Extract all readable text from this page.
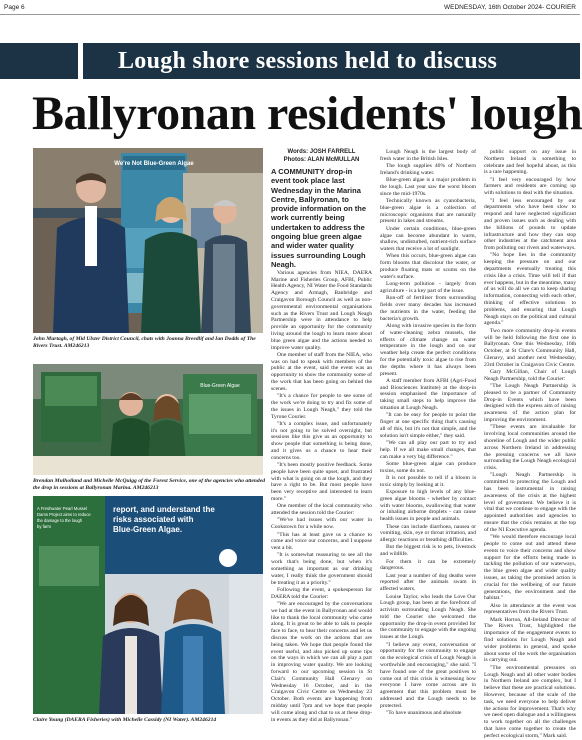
Page 6	WEDNESDAY, 16th October 2024- COURIER
Lough shore sessions held to discuss
Ballyronan residents' lough
We're Not Blue-Green Algae
John Murtagh, of Mid Ulster District Council, chats with Joanna Breedlif and Ian Dodds of The Rivers Trust. AM246213
Blue-Green Algae
Brendan Mulholland and Michelle McQuigg of the Forest Service, one of the agencies who attended the drop in sessions at Ballyronan Marina. AM246213
A Freshwater Pearl Mussel Dams Project aims to reduce the damage to the lough by farm
report, and understand the risks associated with Blue-Green Algae.
Claire Young (DAERA Fisheries) with Michelle Cassidy (NI Water). AM246214
Words: JOSH FARRELL
Photos: ALAN McMULLAN

A COMMUNITY drop-in event took place last Wednesday in the Marina Centre, Ballyronan, to provide information on the work currently being undertaken to address the ongoing blue green algae and wider water quality issues surrounding Lough Neagh.

Various agencies from NIEA, DAERA Marine and Fisheries Group, AFBI, Public Health Agency, NI Water the Food Standards Agency and Armagh, Banbridge and Craigavon Borough Council as well as non-governmental environmental organisations such as the Rivers Trust and Lough Neagh Partnership were in attendance to help provide an opportunity for the community living around the lough to learn more about blue green algae and the actions needed to improve water quality.

One member of staff from the NIEA, who was on had to speak with members of the public at the event, said the event was an opportunity to show the community some of the work that has been going on behind the scenes.

"It's a chance for people to see some of the work we're doing to try and fix some of the issues in Lough Neagh," they told the Tyrone Courier.

"It's a complex issue, and unfortunately it's not going to be solved overnight, but sessions like this give us an opportunity to show people that something is being done, and it gives us a chance to hear their concerns too.

"It's been mostly positive feedback. Some people have been quite upset, and frustrated with what is going on at the lough, and they have a right to be. But most people have been very receptive and interested to learn more."

One member of the local community who attended the session told the Courier:

"We've had issues with our water in Cookstown for a while now.

"This has at least gave us a chance to come and voice our concerns, and I suppose vent a bit.

"It is somewhat reassuring to see all the work that's being done, but when it's something as important as our drinking water, I really think the government should be treating it as a priority."

Following the event, a spokesperson for DAERA told the Courier:

"We are encouraged by the conversations we had at the event in Ballyronan and would like to thank the local community who came along. It is great to be able to talk to people face to face, to hear their concerns and let us discuss the work on the actions that are being taken. We hope that people found the event useful, and also picked up some tips on the ways in which we can all play a part in improving water quality. We are looking forward to our upcoming session in St Clair's Community Hall Glenavy on Wednesday 16 October, and in the Craigavon Civic Centre on Wednesday 23 October. Both events are happening from midday until 7pm and we hope that people will come along and chat to us at these drop-in events as they did at Ballyronan."

Lough Neagh is the largest body of fresh water in the British Isles.

The lough supplies 40% of Northern Ireland's drinking water.

Blue-green algae is a major problem in the lough. Last year saw the worst bloom since the mid-1970s.

Technically known as cyanobacteria, blue-green algae is a collection of microscopic organisms that are naturally present in lakes and streams.

Under certain conditions, blue-green algae can become abundant in warm, shallow, undisturbed, nutrient-rich surface waters that receive a lot of sunlight.

When this occurs, blue-green algae can form blooms that discolour the water, or produce floating mats or scums on the water's surface.

Long-term pollution - largely from agriculture - is a key part of the issue.

Run-off of fertiliser from surrounding fields over many decades has increased the nutrients in the water, feeding the bacteria's growth.

Along with invasive species in the form of water-cleaning zebra mussels, the effects of climate change on water temperature in the lough and on our weather help create the perfect conditions for the potentially toxic algae to rise from the depths where it has always been present.

A staff member from AFBI (Agri-Food and Biosciences Institute) at the drop-in session emphasised the importance of taking small steps to help improve the situation at Lough Neagh.

"It can be easy for people to point the finger at one specific thing that's causing all of this, but it's not that simple, and the solution isn't simple either," they said.

"We can all play our part to try and help. If we all make small changes, that can make a very big difference."

Some blue-green algae can produce toxins, some do not.

It is not possible to tell if a bloom is toxic simply by looking at it.

Exposure to high levels of any blue-green algae blooms - whether by contact with water blooms, swallowing that water or inhaling airborne droplets - can cause health issues in people and animals.

These can include diarrhoea, nausea or vomiting, skin, eye or throat irritation, and allergic reactions or breathing difficulties.

But the biggest risk is to pets, livestock and wildlife.

For them it can be extremely dangerous.

Last year a number of dog deaths were reported after the animals swam in affected waters.

Louise Taylor, who leads the Love Our Lough group, has been at the forefront of activism surrounding Lough Neagh. She told the Courier she welcomed the opportunity the drop-in event provided for the community to engage with the ongoing issues at the Lough.

"I believe any event, conversation or opportunity for the community to engage on the ecological crisis of Lough Neagh is worthwhile and encouraging," she said. "I have found one of the great positives to come out of this crisis is witnessing how everyone I have come across are in agreement that this problem must be addressed and the Lough needs to be protected.

"To have unanimous and absolute

public support on any issue in Northern Ireland is something to celebrate and feel hopeful about, as this is a rare happening.

"I feel very encouraged by how farmers and residents are coming up with solutions to deal with the situation.

"I feel less encouraged by our departments who have been slow to respond and have neglected significant and proven issues such as dealing with the billions of pounds to update infrastructure and how they can stop other industries at the catchment area from polluting our rivers and waterways.

"No hope lies in the community keeping the pressure on and our departments eventually treating this crisis like a crisis. Time will tell if that ever happens, but in the meantime, many of us will do all we can to keep sharing information, connecting with each other, thinking of effective solutions to problems, and ensuring that Lough Neagh stays on the political and cultural agenda."

Two more community drop-in events will be held following the first one in Ballyronan. One this Wednesday, 16th October, at St Clare's Community Hall, Glenavy, and another next Wednesday, 23rd October in Craigavon Civic Centre.

Gary McGillan, Chair of Lough Neagh Partnership, told the Courier:

"The Lough Neagh Partnership is pleased to be a partner of Community Drop-in Events which have been designed with the express aim of raising awareness of the action plan for improving the environment.

"These events are invaluable for involving local communities around the shoreline of Lough and the wider public across Northern Ireland in addressing the pressing concerns we all have surrounding the Lough Neagh ecological crisis.

"Lough Neagh Partnership is committed to protecting the Lough and has been instrumental in raising awareness of the crisis at the highest level of government. We believe it is vital that we continue to engage with the appointed authorities and agencies to ensure that the crisis remains at the top of the NI Executive agenda.

"We would therefore encourage local people to come out and attend these events to voice their concerns and show support for the efforts being made in tackling the pollution of our waterways, the blue green algae and wider quality issues, as taking the promised action is crucial for the wellbeing of our future generations, the environment and the habitat."

Also in attendance at the event was representatives from the Rivers Trust.

Mark Horton, All-Ireland Director of The Rivers Trust, highlighted the importance of the engagement events to find solutions for Lough Neagh and wider problems in general, and spoke about some of the work the organisation is carrying out.

"The environmental pressures on Lough Neagh and all other water bodies in Northern Ireland are complex, but I believe that these are practical solutions. However, because of the scale of the task, we need everyone to help deliver the actions for improvement. That's why we need open dialogue and a willingness to work together on all the challenges that have come together to create the perfect ecological storm," Mark said.
